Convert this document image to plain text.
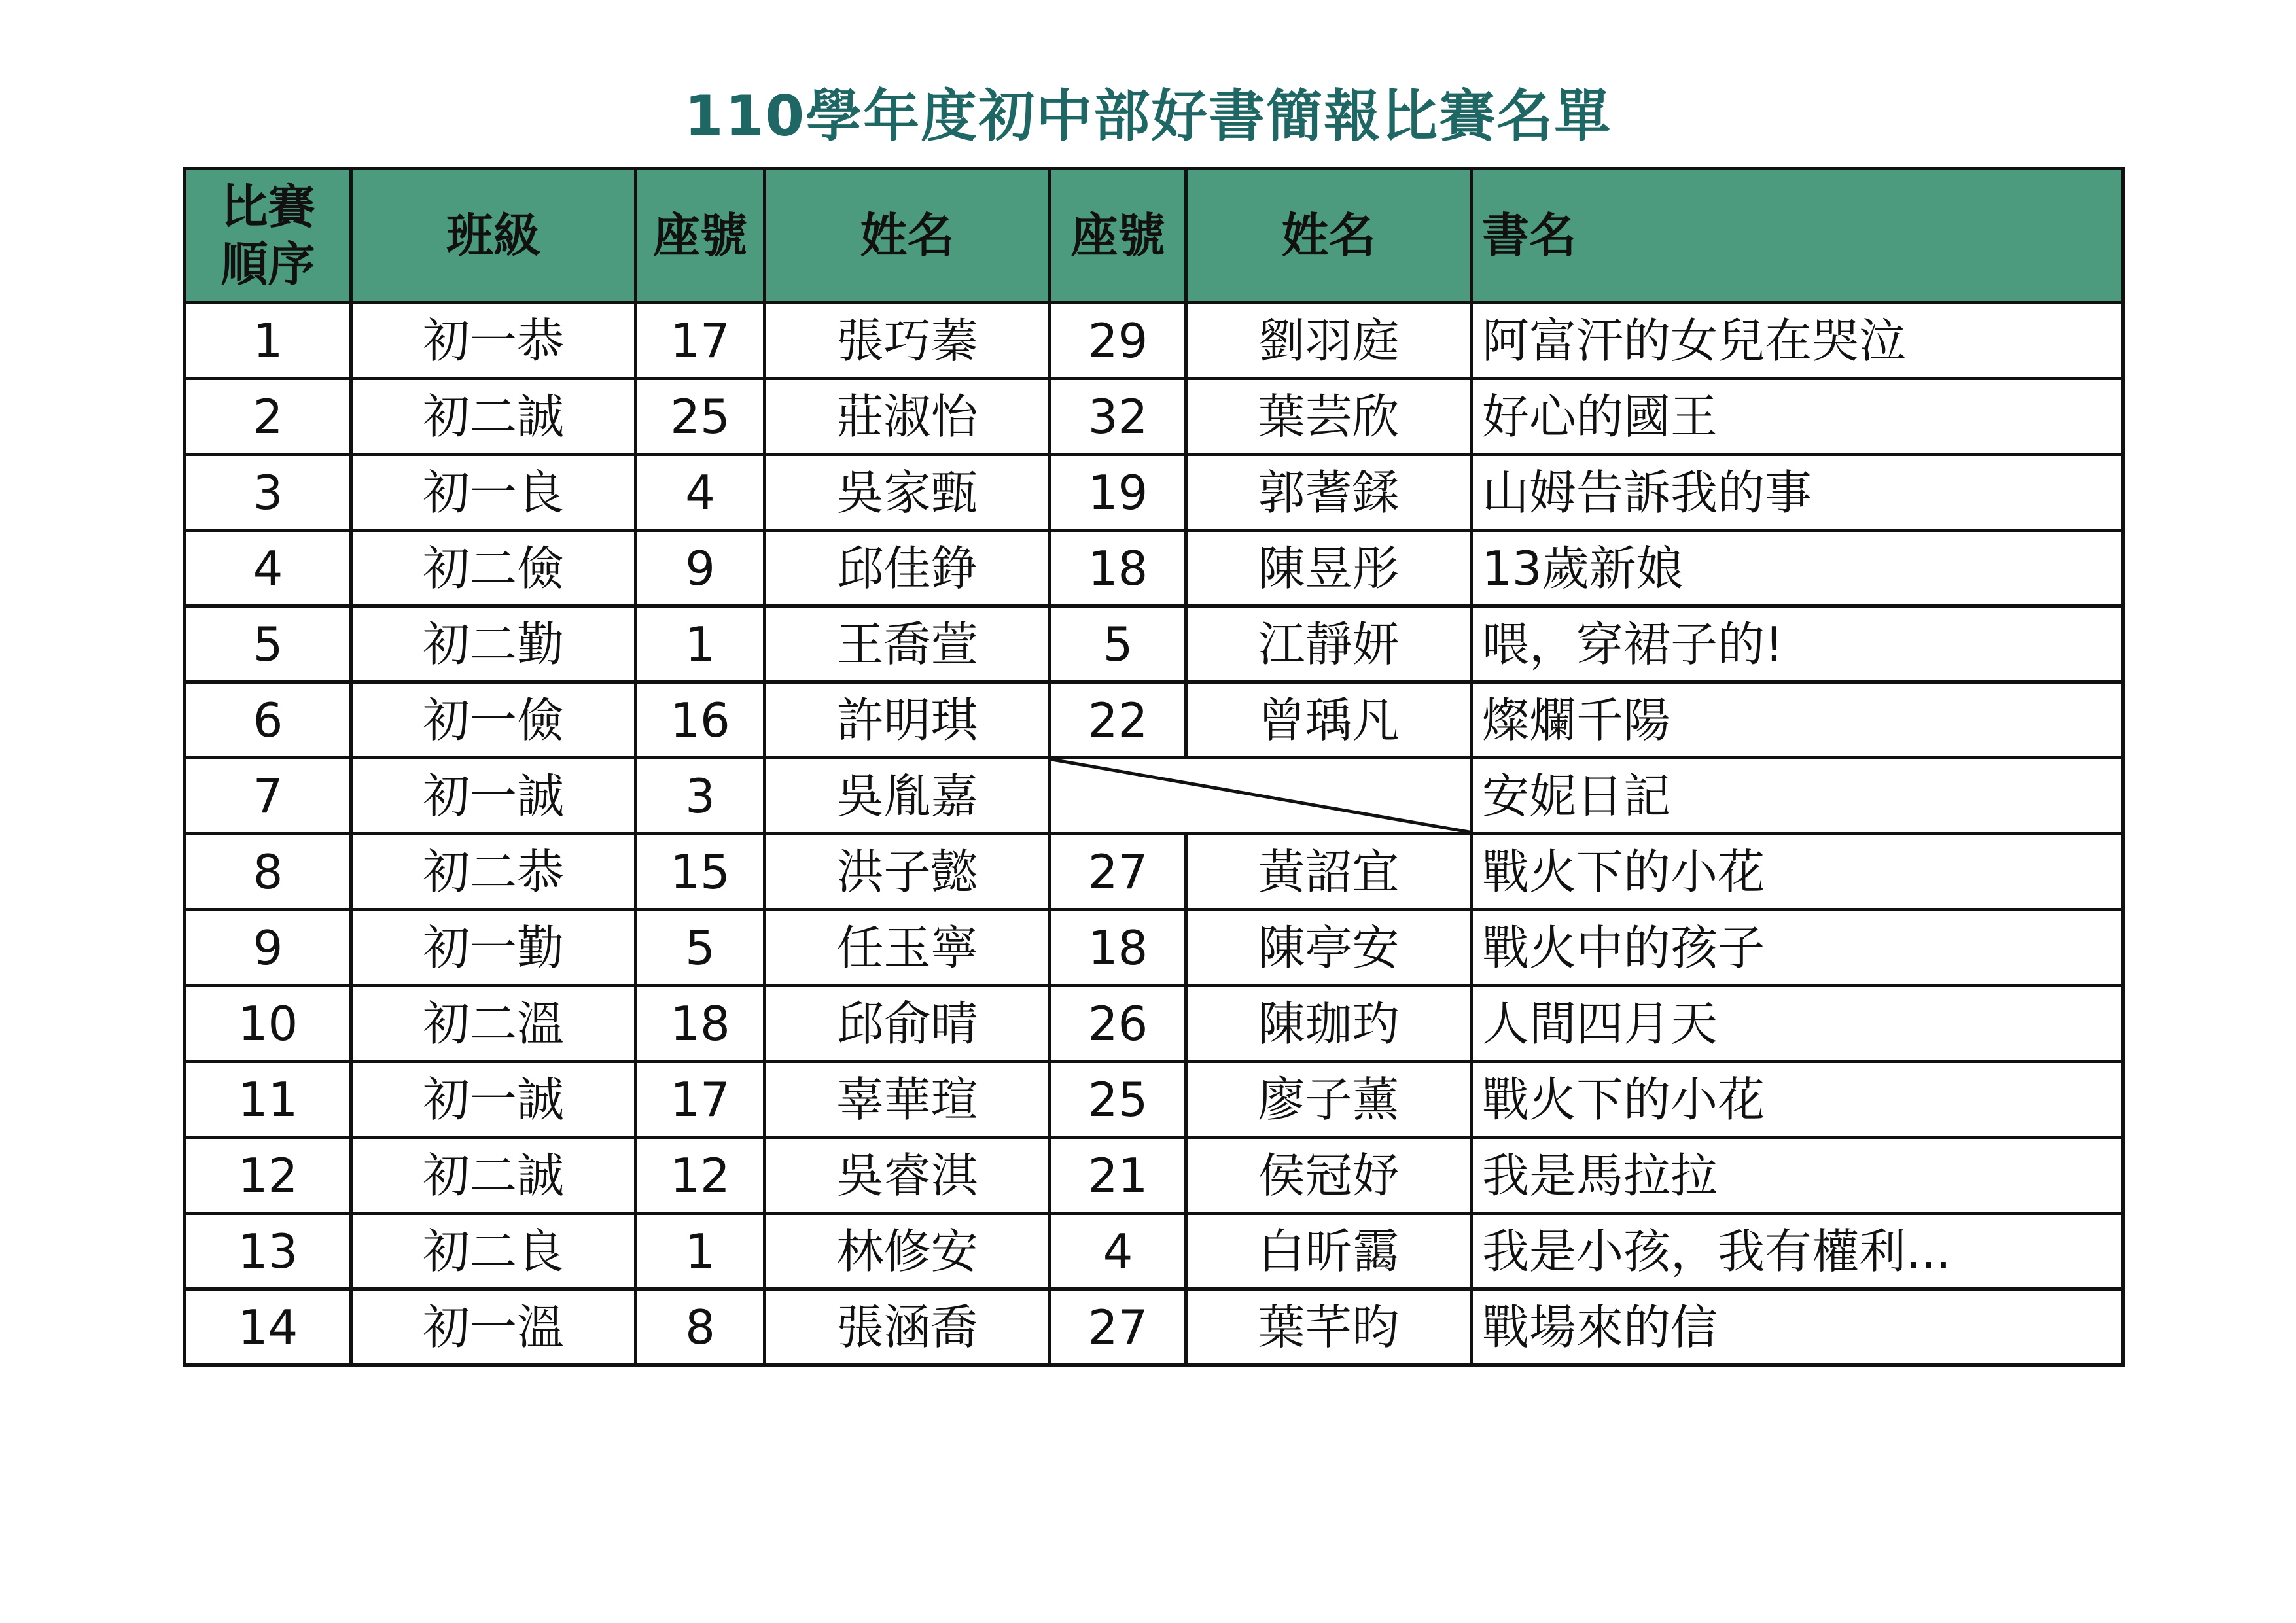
110學年度初中部好書簡報比賽名單
比賽
順序	班級	座號	姓名	座號	姓名	書名
1	初一恭	17	張巧蓁	29	劉羽庭	阿富汗的女兒在哭泣
2	初二誠	25	莊淑怡	32	葉芸欣	好心的國王
3	初一良	4	吳家甄	19	郭蓍鍒	山姆告訴我的事
4	初二儉	9	邱佳錚	18	陳昱彤	13歲新娘
5	初二勤	1	王喬萱	5	江靜妍	喂，穿裙子的!
6	初一儉	16	許明琪	22	曾瑀凡	燦爛千陽
7	初一誠	3	吳胤嘉			安妮日記
8	初二恭	15	洪子懿	27	黃詔宜	戰火下的小花
9	初一勤	5	任玉寧	18	陳亭安	戰火中的孩子
10	初二溫	18	邱俞晴	26	陳珈玓	人間四月天
11	初一誠	17	辜華瑄	25	廖子薰	戰火下的小花
12	初二誠	12	吳睿淇	21	侯冠妤	我是馬拉拉
13	初二良	1	林修安	4	白昕靄	我是小孩，我有權利...
14	初一溫	8	張涵喬	27	葉芊昀	戰場來的信
